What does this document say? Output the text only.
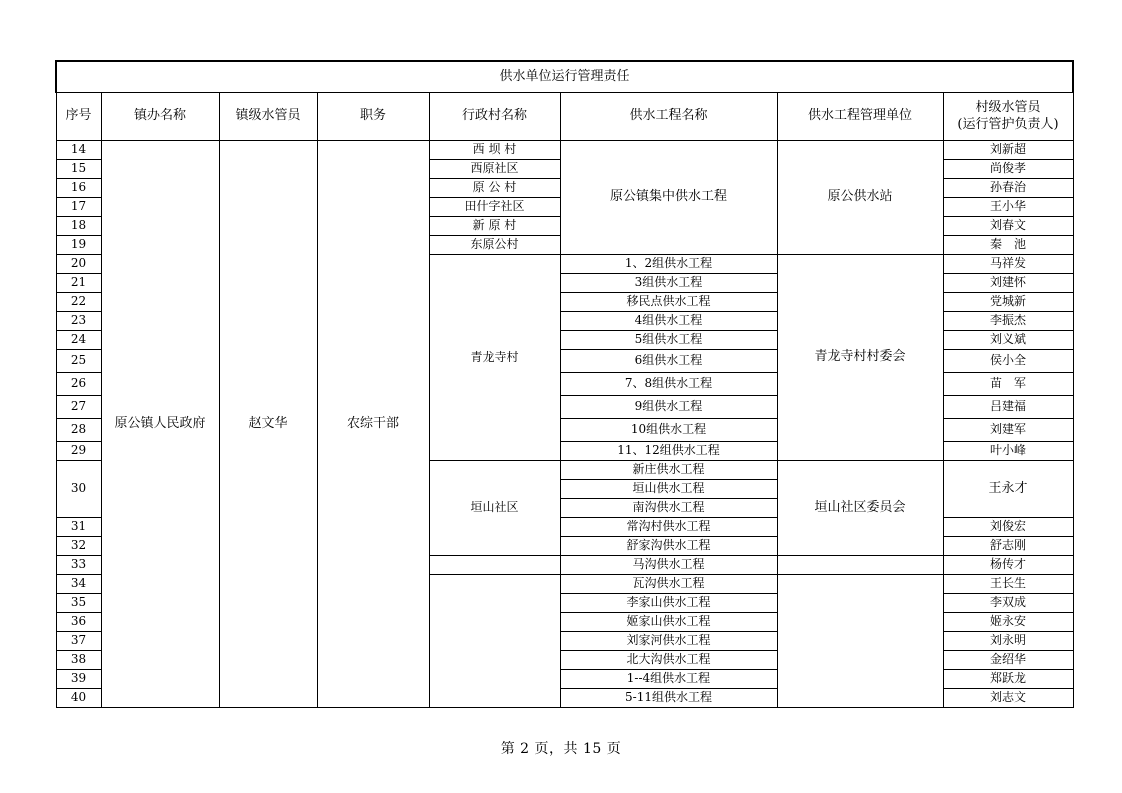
供水单位运行管理责任							
序号	镇办名称	镇级水管员	职务	行政村名称	供水工程名称	供水工程管理单位	村级水管员
(运行管护负责人)
14	原公镇人民政府	赵文华	农综干部	西 坝 村	原公镇集中供水工程	原公供水站	刘新超
15				西原社区			尚俊孝
16				原 公 村			孙春治
17				田什字社区			王小华
18				新 原 村			刘春文
19				东原公村			秦　池
20				青龙寺村	1、2组供水工程	青龙寺村村委会	马祥发
21					3组供水工程		刘建怀
22					移民点供水工程		党城新
23					4组供水工程		李振杰
24					5组供水工程		刘义斌
25					6组供水工程		侯小全
26					7、8组供水工程		苗　军
27					9组供水工程		吕建福
28					10组供水工程		刘建军
29					11、12组供水工程		叶小峰
30				垣山社区	新庄供水工程	垣山社区委员会	王永才
					垣山供水工程		
					南沟供水工程		
31					常沟村供水工程		刘俊宏
32					舒家沟供水工程		舒志刚
33					马沟供水工程		杨传才
34					瓦沟供水工程		王长生
35					李家山供水工程		李双成
36					姬家山供水工程		姬永安
37					刘家河供水工程		刘永明
38					北大沟供水工程		金绍华
39					1--4组供水工程		郑跃龙
40					5-11组供水工程		刘志文
第 2 页，共 15 页
